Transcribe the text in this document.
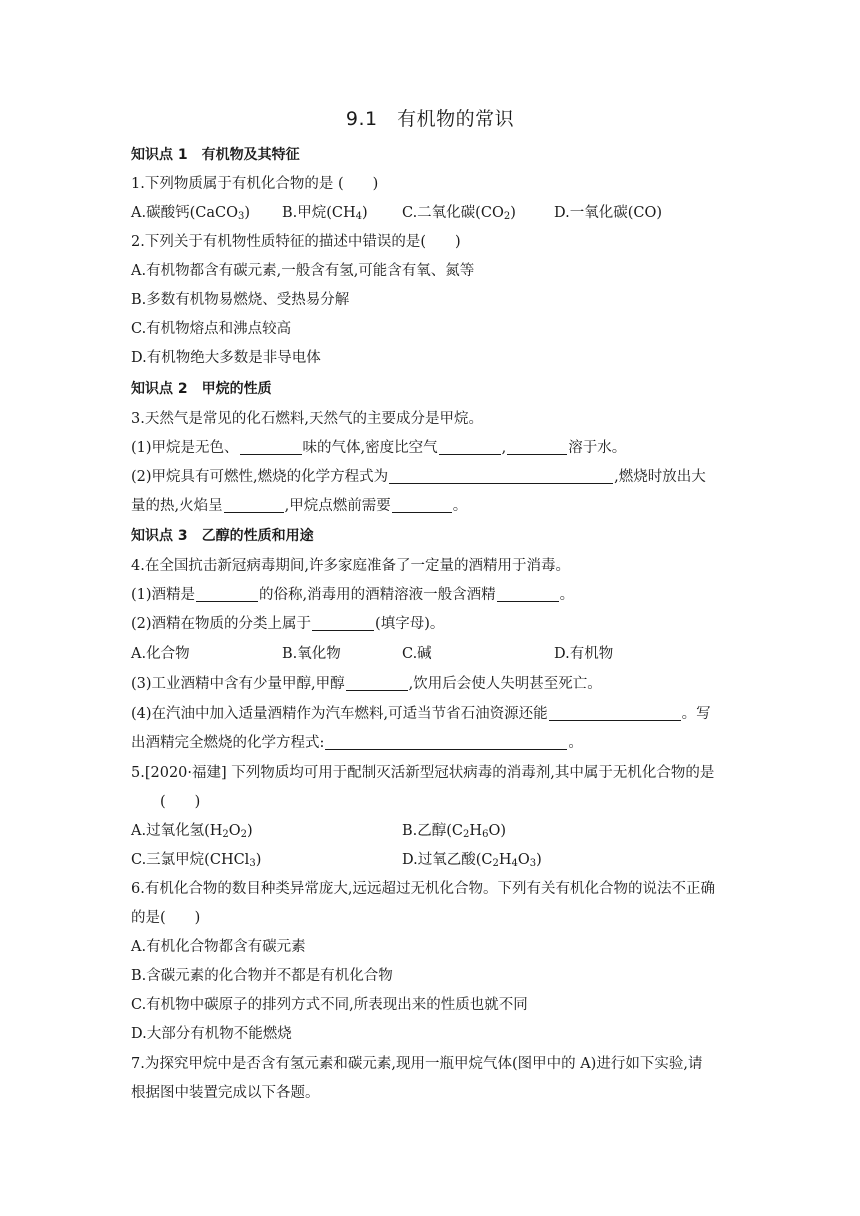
9.1　有机物的常识
知识点 1　有机物及其特征
1.下列物质属于有机化合物的是 (　　)
A.碳酸钙(CaCO$_3$) B.甲烷$(CH_4)$ C.二氧化碳$(CO_2)$	D.一氧化碳(CO)
2.下列关于有机物性质特征的描述中错误的是(　　)
A.有机物都含有碳元素,一般含有氢,可能含有氧、氮等
B.多数有机物易燃烧、受热易分解
C.有机物熔点和沸点较高
D.有机物绝大多数是非导电体
知识点 2　甲烷的性质
3.天然气是常见的化石燃料,天然气的主要成分是甲烷。
(1)甲烷是无色、	味的气体,密度比空气	,	溶于水。
(2)甲烷具有可燃性,燃烧的化学方程式为	,燃烧时放出大
量的热,火焰呈	,甲烷点燃前需要	。
知识点 3　乙醇的性质和用途
4.在全国抗击新冠病毒期间,许多家庭准备了一定量的酒精用于消毒。
(1)酒精是	的俗称,消毒用的酒精溶液一般含酒精	。
(2)酒精在物质的分类上属于	(填字母)。
A.化合物	B.氧化物	C.碱	D.有机物
(3)工业酒精中含有少量甲醇,甲醇	,饮用后会使人失明甚至死亡。
(4)在汽油中加入适量酒精作为汽车燃料,可适当节省石油资源还能	。写
出酒精完全燃烧的化学方程式:	。
5.[2020·福建] 下列物质均可用于配制灭活新型冠状病毒的消毒剂,其中属于无机化合物的是
(　　)
A.过氧化氢$(H_2O_2)$	B.乙醇$(C_2H_6O)$
C.三氯甲烷(CHCl$_3$)	D.过氧乙酸$(C_2H_4O_3)$
6.有机化合物的数目种类异常庞大,远远超过无机化合物。下列有关有机化合物的说法不正确
的是(　　)
A.有机化合物都含有碳元素
B.含碳元素的化合物并不都是有机化合物
C.有机物中碳原子的排列方式不同,所表现出来的性质也就不同
D.大部分有机物不能燃烧
7.为探究甲烷中是否含有氢元素和碳元素,现用一瓶甲烷气体(图甲中的 A)进行如下实验,请
根据图中装置完成以下各题。
